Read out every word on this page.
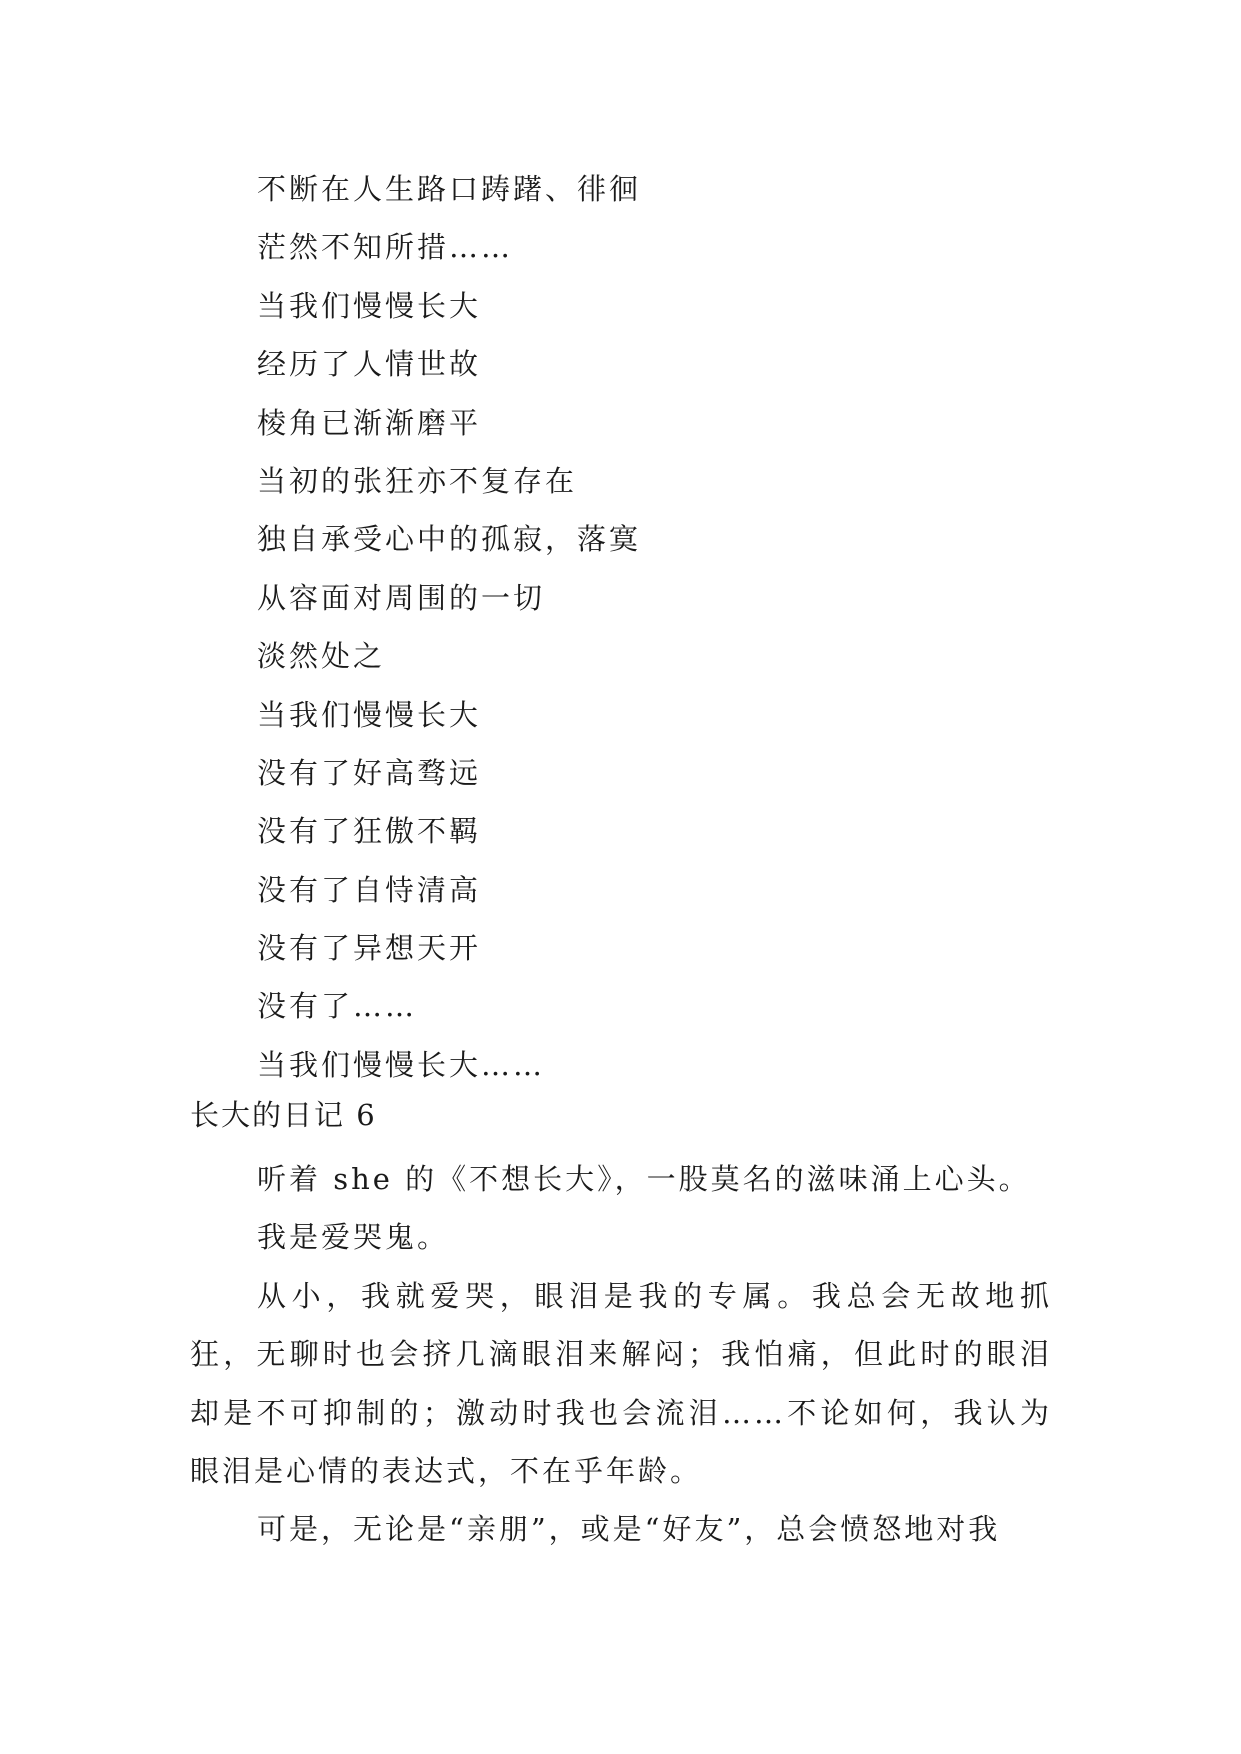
不断在人生路口踌躇、徘徊
茫然不知所措……
当我们慢慢长大
经历了人情世故
棱角已渐渐磨平
当初的张狂亦不复存在
独自承受心中的孤寂，落寞
从容面对周围的一切
淡然处之
当我们慢慢长大
没有了好高骛远
没有了狂傲不羁
没有了自恃清高
没有了异想天开
没有了……
当我们慢慢长大……
长大的日记 6

听着 she 的《不想长大》，一股莫名的滋味涌上心头。

我是爱哭鬼。

从小，我就爱哭，眼泪是我的专属。我总会无故地抓狂，无聊时也会挤几滴眼泪来解闷；我怕痛，但此时的眼泪却是不可抑制的；激动时我也会流泪……不论如何，我认为眼泪是心情的表达式，不在乎年龄。

可是，无论是“亲朋”，或是“好友”，总会愤怒地对我
